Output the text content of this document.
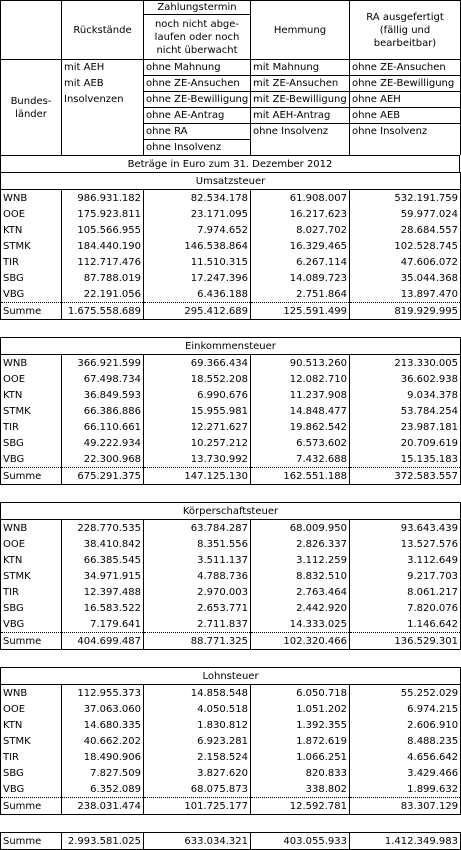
	Rückstände	Zahlungstermin	Hemmung	RA ausgefertigt (fällig und bearbeitbar)
noch nicht abge-laufen oder noch nicht überwacht
Bundes-länder	mit AEH	ohne Mahnung	mit Mahnung	ohne ZE-Ansuchen
	mit AEB	ohne ZE-Ansuchen	mit ZE-Ansuchen	ohne ZE-Bewilligung
	Insolvenzen	ohne ZE-Bewilligung	mit ZE-Bewilligung	ohne AEH
		ohne AE-Antrag	mit AEH-Antrag	ohne AEB
		ohne RA	ohne Insolvenz	ohne Insolvenz
		ohne Insolvenz		
Beträge in Euro zum 31. Dezember 2012
Umsatzsteuer				
WNB	986.931.182	82.534.178	61.908.007	532.191.759
OOE	175.923.811	23.171.095	16.217.623	59.977.024
KTN	105.566.955	7.974.652	8.027.702	28.684.557
STMK	184.440.190	146.538.864	16.329.465	102.528.745
TIR	112.717.476	11.510.315	6.267.114	47.606.072
SBG	87.788.019	17.247.396	14.089.723	35.044.368
VBG	22.191.056	6.436.188	2.751.864	13.897.470
Summe	1.675.558.689	295.412.689	125.591.499	819.929.995
Einkommensteuer				
WNB	366.921.599	69.366.434	90.513.260	213.330.005
OOE	67.498.734	18.552.208	12.082.710	36.602.938
KTN	36.849.593	6.990.676	11.237.908	9.034.378
STMK	66.386.886	15.955.981	14.848.477	53.784.254
TIR	66.110.661	12.271.627	19.862.542	23.987.181
SBG	49.222.934	10.257.212	6.573.602	20.709.619
VBG	22.300.968	13.730.992	7.432.688	15.135.183
Summe	675.291.375	147.125.130	162.551.188	372.583.557
Körperschaftsteuer				
WNB	228.770.535	63.784.287	68.009.950	93.643.439
OOE	38.410.842	8.351.556	2.826.337	13.527.576
KTN	66.385.545	3.511.137	3.112.259	3.112.649
STMK	34.971.915	4.788.736	8.832.510	9.217.703
TIR	12.397.488	2.970.003	2.763.464	8.061.217
SBG	16.583.522	2.653.771	2.442.920	7.820.076
VBG	7.179.641	2.711.837	14.333.025	1.146.642
Summe	404.699.487	88.771.325	102.320.466	136.529.301
Lohnsteuer				
WNB	112.955.373	14.858.548	6.050.718	55.252.029
OOE	37.063.060	4.050.518	1.051.202	6.974.215
KTN	14.680.335	1.830.812	1.392.355	2.606.910
STMK	40.662.202	6.923.281	1.872.619	8.488.235
TIR	18.490.906	2.158.524	1.066.251	4.656.642
SBG	7.827.509	3.827.620	820.833	3.429.466
VBG	6.352.089	68.075.873	338.802	1.899.632
Summe	238.031.474	101.725.177	12.592.781	83.307.129
Summe	2.993.581.025	633.034.321	403.055.933	1.412.349.983
